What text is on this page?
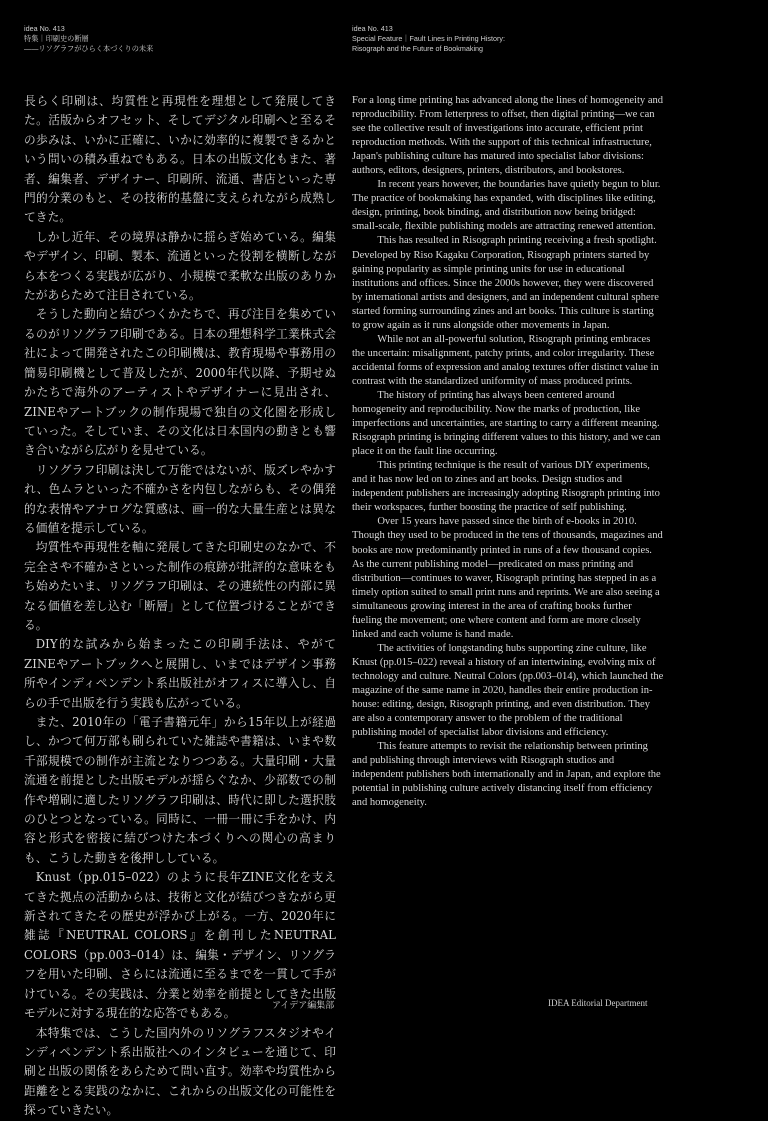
idea No. 413
特集｜印刷史の断層
――リソグラフがひらく本づくりの未来
idea No. 413
Special Feature｜Fault Lines in Printing History:
Risograph and the Future of Bookmaking

長らく印刷は、均質性と再現性を理想として発展してきた。活版からオフセット、そしてデジタル印刷へと至るその歩みは、いかに正確に、いかに効率的に複製できるかという問いの積み重ねでもある。日本の出版文化もまた、著者、編集者、デザイナー、印刷所、流通、書店といった専門的分業のもと、その技術的基盤に支えられながら成熟してきた。

しかし近年、その境界は静かに揺らぎ始めている。編集やデザイン、印刷、製本、流通といった役割を横断しながら本をつくる実践が広がり、小規模で柔軟な出版のありかたがあらためて注目されている。

そうした動向と結びつくかたちで、再び注目を集めているのがリソグラフ印刷である。日本の理想科学工業株式会社によって開発されたこの印刷機は、教育現場や事務用の簡易印刷機として普及したが、2000年代以降、予期せぬかたちで海外のアーティストやデザイナーに見出され、ZINEやアートブックの制作現場で独自の文化圏を形成していった。そしていま、その文化は日本国内の動きとも響き合いながら広がりを見せている。

リソグラフ印刷は決して万能ではないが、版ズレやかすれ、色ムラといった不確かさを内包しながらも、その偶発的な表情やアナログな質感は、画一的な大量生産とは異なる価値を提示している。

均質性や再現性を軸に発展してきた印刷史のなかで、不完全さや不確かさといった制作の痕跡が批評的な意味をもち始めたいま、リソグラフ印刷は、その連続性の内部に異なる価値を差し込む「断層」として位置づけることができる。

DIY的な試みから始まったこの印刷手法は、やがてZINEやアートブックへと展開し、いまではデザイン事務所やインディペンデント系出版社がオフィスに導入し、自らの手で出版を行う実践も広がっている。

また、2010年の「電子書籍元年」から15年以上が経過し、かつて何万部も刷られていた雑誌や書籍は、いまや数千部規模での制作が主流となりつつある。大量印刷・大量流通を前提とした出版モデルが揺らぐなか、少部数での制作や増刷に適したリソグラフ印刷は、時代に即した選択肢のひとつとなっている。同時に、一冊一冊に手をかけ、内容と形式を密接に結びつけた本づくりへの関心の高まりも、こうした動きを後押ししている。

Knust（pp.015–022）のように長年ZINE文化を支えてきた拠点の活動からは、技術と文化が結びつきながら更新されてきたその歴史が浮かび上がる。一方、2020年に雑誌『NEUTRAL COLORS』を創刊したNEUTRAL COLORS（pp.003–014）は、編集・デザイン、リソグラフを用いた印刷、さらには流通に至るまでを一貫して手がけている。その実践は、分業と効率を前提としてきた出版モデルに対する現在的な応答でもある。

本特集では、こうした国内外のリソグラフスタジオやインディペンデント系出版社へのインタビューを通じて、印刷と出版の関係をあらためて問い直す。効率や均質性から距離をとる実践のなかに、これからの出版文化の可能性を探っていきたい。

For a long time printing has advanced along the lines of homogeneity and reproducibility. From letterpress to offset, then digital printing—we can see the collective result of investigations into accurate, efficient print reproduction methods. With the support of this technical infrastructure, Japan's publishing culture has matured into specialist labor divisions: authors, editors, designers, printers, distributors, and bookstores.

In recent years however, the boundaries have quietly begun to blur. The practice of bookmaking has expanded, with disciplines like editing, design, printing, book binding, and distribution now being bridged: small-scale, flexible publishing models are attracting renewed attention.

This has resulted in Risograph printing receiving a fresh spotlight. Developed by Riso Kagaku Corporation, Risograph printers started by gaining popularity as simple printing units for use in educational institutions and offices. Since the 2000s however, they were discovered by international artists and designers, and an independent cultural sphere started forming surrounding zines and art books. This culture is starting to grow again as it runs alongside other movements in Japan.

While not an all-powerful solution, Risograph printing embraces the uncertain: misalignment, patchy prints, and color irregularity. These accidental forms of expression and analog textures offer distinct value in contrast with the standardized uniformity of mass produced prints.

The history of printing has always been centered around homogeneity and reproducibility. Now the marks of production, like imperfections and uncertainties, are starting to carry a different meaning. Risograph printing is bringing different values to this history, and we can place it on the fault line occurring.

This printing technique is the result of various DIY experiments, and it has now led on to zines and art books. Design studios and independent publishers are increasingly adopting Risograph printing into their workspaces, further boosting the practice of self publishing.

Over 15 years have passed since the birth of e-books in 2010. Though they used to be produced in the tens of thousands, magazines and books are now predominantly printed in runs of a few thousand copies. As the current publishing model—predicated on mass printing and distribution—continues to waver, Risograph printing has stepped in as a timely option suited to small print runs and reprints. We are also seeing a simultaneous growing interest in the area of crafting books further fueling the movement; one where content and form are more closely linked and each volume is hand made.

The activities of longstanding hubs supporting zine culture, like Knust (pp.015–022) reveal a history of an intertwining, evolving mix of technology and culture. Neutral Colors (pp.003–014), which launched the magazine of the same name in 2020, handles their entire production in-house: editing, design, Risograph printing, and even distribution. They are also a contemporary answer to the problem of the traditional publishing model of specialist labor divisions and efficiency.

This feature attempts to revisit the relationship between printing and publishing through interviews with Risograph studios and independent publishers both internationally and in Japan, and explore the potential in publishing culture actively distancing itself from efficiency and homogeneity.

アイデア編集部	IDEA Editorial Department
